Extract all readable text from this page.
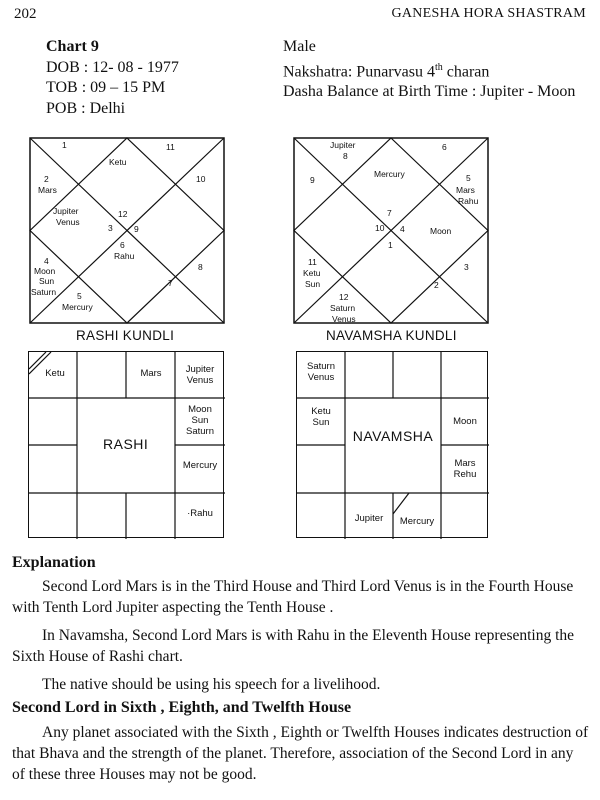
202	GANESHA HORA SHASTRAM
Chart 9
DOB : 12- 08 - 1977
TOB : 09 – 15 PM
POB : Delhi
Male
Nakshatra: Punarvasu 4th charan
Dasha Balance at Birth Time : Jupiter - Moon
12
1
2
3
4
5
6
7
8
9
10
11
Ketu
Mars
Jupiter
Venus
Rahu
Moon
Sun
Saturn
Mercury
RASHI KUNDLI
7
8
9
10
11
12
1
2
3
4
5
6
Jupiter
Mercury
Mars
Rahu
Moon
Ketu
Sun
Saturn
Venus
NAVAMSHA KUNDLI
Ketu	Mars	Jupiter
Venus
Moon
Sun
Saturn
Mercury
·Rahu
RASHI
Saturn
Venus
Ketu
Sun	Moon
Mars
Rehu
Jupiter	Mercury
NAVAMSHA
Explanation

Second Lord Mars is in the Third House and Third Lord Venus is in the Fourth House with Tenth Lord Jupiter aspecting the Tenth House .

In Navamsha, Second Lord Mars is with Rahu in the Eleventh House representing the Sixth House of Rashi chart.

The native should be using his speech for a livelihood.

Second Lord in Sixth , Eighth, and Twelfth House

Any planet associated with the Sixth , Eighth or Twelfth Houses indicates destruction of that Bhava and the strength of the planet. Therefore, association of the Second Lord in any of these three Houses may not be good.
